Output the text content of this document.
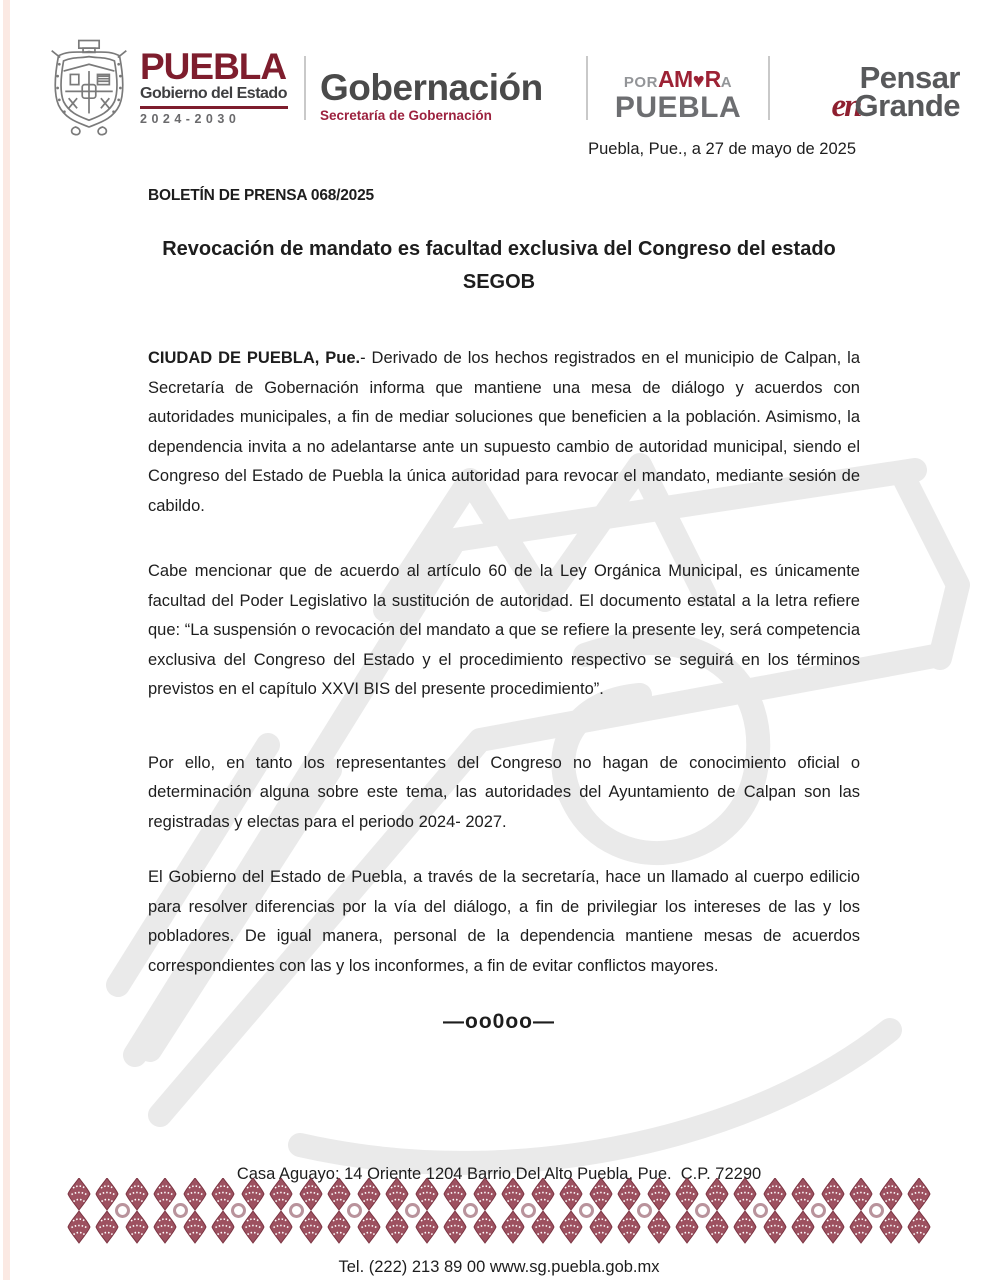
PUEBLA
Gobierno del Estado
2024-2030
Gobernación
Secretaría de Gobernación
PORAM♥RA
PUEBLA
Pensar
enGrande
Puebla, Pue., a 27 de mayo de 2025
BOLETÍN DE PRENSA 068/2025
Revocación de mandato es facultad exclusiva del Congreso del estado
SEGOB

CIUDAD DE PUEBLA, Pue.- Derivado de los hechos registrados en el municipio de Calpan, la Secretaría de Gobernación informa que mantiene una mesa de diálogo y acuerdos con autoridades municipales, a fin de mediar soluciones que beneficien a la población. Asimismo, la dependencia invita a no adelantarse ante un supuesto cambio de autoridad municipal, siendo el Congreso del Estado de Puebla la única autoridad para revocar el mandato, mediante sesión de cabildo.

Cabe mencionar que de acuerdo al artículo 60 de la Ley Orgánica Municipal, es únicamente facultad del Poder Legislativo la sustitución de autoridad. El documento estatal a la letra refiere que: “La suspensión o revocación del mandato a que se refiere la presente ley, será competencia exclusiva del Congreso del Estado y el procedimiento respectivo se seguirá en los términos previstos en el capítulo XXVI BIS del presente procedimiento”.

Por ello, en tanto los representantes del Congreso no hagan de conocimiento oficial o determinación alguna sobre este tema, las autoridades del Ayuntamiento de Calpan son las registradas y electas para el periodo 2024- 2027.

El Gobierno del Estado de Puebla, a través de la secretaría, hace un llamado al cuerpo edilicio para resolver diferencias por la vía del diálogo, a fin de privilegiar los intereses de las y los pobladores. De igual manera, personal de la dependencia mantiene mesas de acuerdos correspondientes con las y los inconformes, a fin de evitar conflictos mayores.

—oo0oo—

Casa Aguayo: 14 Oriente 1204 Barrio Del Alto Puebla, Pue.  C.P. 72290

Tel. (222) 213 89 00 www.sg.puebla.gob.mx
